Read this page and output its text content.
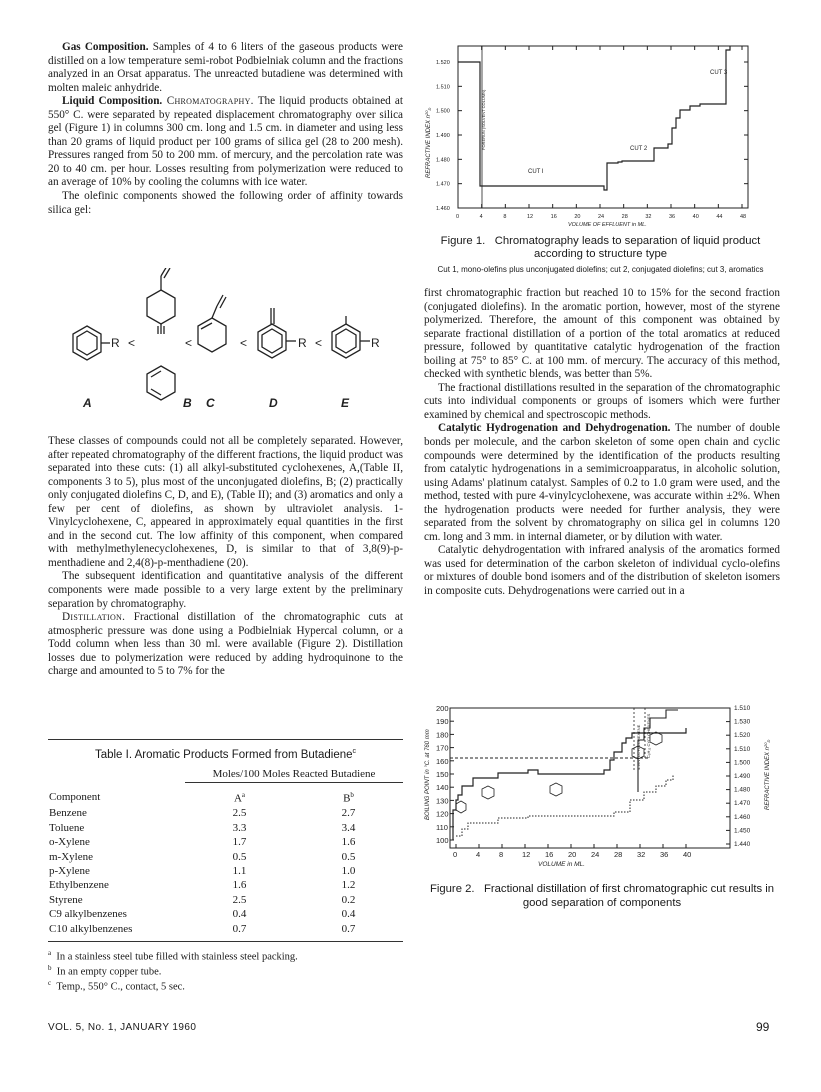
Gas Composition. Samples of 4 to 6 liters of the gaseous products were distilled on a low temperature semi-robot Podbielniak column and the fractions analyzed in an Orsat apparatus. The unreacted butadiene was determined with molten maleic anhydride.

Liquid Composition. Chromatography. The liquid products obtained at 550° C. were separated by repeated displacement chromatography over silica gel (Figure 1) in columns 300 cm. long and 1.5 cm. in diameter and using less than 20 grams of liquid product per 100 grams of silica gel (28 to 200 mesh). Pressures ranged from 50 to 200 mm. of mercury, and the percolation rate was 20 to 40 cm. per hour. Losses resulting from polymerization were reduced to an average of 10% by cooling the columns with ice water.

The olefinic components showed the following order of affinity towards silica gel:

R <	<	<	R <	R
A	B C	D	E

These classes of compounds could not all be completely separated. However, after repeated chromatography of the different fractions, the liquid product was separated into these cuts: (1) all alkyl-substituted cyclohexenes, A,(Table II, components 3 to 5), plus most of the unconjugated diolefins, B; (2) practically only conjugated diolefins C, D, and E), (Table II); and (3) aromatics and only a few per cent of diolefins, as shown by ultraviolet analysis. 1-Vinylcyclohexene, C, appeared in approximately equal quantities in the first and in the second cut. The low affinity of this component, when compared with methylmethylenecyclohexenes, D, is similar to that of 3,8(9)-p-menthadiene and 2,4(8)-p-menthadiene (20).

The subsequent identification and quantitative analysis of the different components were made possible to a very large extent by the preliminary separation by chromatography.

Distillation. Fractional distillation of the chromatographic cuts at atmospheric pressure was done using a Podbielniak Hypercal column, or a Todd column when less than 30 ml. were available (Figure 2). Distillation losses due to polymerization were reduced by adding hydroquinone to the charge and amounted to 5 to 7% for the

Table I. Aromatic Products Formed from Butadiene$^c$
	Moles/100 Moles Reacted Butadiene	
Component	$A^a$	$B^b$
Benzene	2.5	2.7
Toluene	3.3	3.4
o-Xylene	1.7	1.6
m-Xylene	0.5	0.5
p-Xylene	1.1	1.0
Ethylbenzene	1.6	1.2
Styrene	2.5	0.2
C9 alkylbenzenes	0.4	0.4
C10 alkylbenzenes	0.7	0.7
$^a$ In a stainless steel tube filled with stainless steel packing.
$^b$ In an empty copper tube.
$^c$ Temp., 550° C., contact, 5 sec.
1.520
1.510
1.500
1.490
1.480
1.470
1.460
0	4	8	12	16	20	24	28	32	36	40	44	48
FORERUN (SOLVENT COLUMN)
CUT I
CUT 2
CUT 3
REFRACTIVE INDEX $n^{20}_D$
VOLUME OF EFFLUENT in ML.
Figure 1. Chromatography leads to separation of liquid product according to structure type
Cut 1, mono-olefins plus unconjugated diolefins; cut 2, conjugated diolefins; cut 3, aromatics

first chromatographic fraction but reached 10 to 15% for the second fraction (conjugated diolefins). In the aromatic portion, however, most of the styrene polymerized. Therefore, the amount of this component was obtained by separate fractional distillation of a portion of the total aromatics at reduced pressure, followed by quantitative catalytic hydrogenation of the fraction boiling at 75° to 85° C. at 100 mm. of mercury. The accuracy of this method, checked with synthetic blends, was better than 5%.

The fractional distillations resulted in the separation of the chromatographic cuts into individual components or groups of isomers which were further examined by chemical and spectroscopic methods.

Catalytic Hydrogenation and Dehydrogenation. The number of double bonds per molecule, and the carbon skeleton of some open chain and cyclic compounds were determined by the identification of the products resulting from catalytic hydrogenations in a semimicroapparatus, in alcoholic solution, using Adams' platinum catalyst. Samples of 0.2 to 1.0 gram were used, and the method, tested with pure 4-vinylcyclohexene, was accurate within ±2%. When the hydrogenation products were needed for further analysis, they were separated from the solvent by chromatography on silica gel in columns 120 cm. long and 3 mm. in internal diameter, or by dilution with water.

Catalytic dehydrogentation with infrared analysis of the aromatics formed was used for determination of the carbon skeleton of individual cyclo-olefins or mixtures of double bond isomers and of the distribution of skeleton isomers in composite cuts. Dehydrogenations were carried out in a

200
190
180
170
160
150
140
130
120
110
100
1.510
1.530
1.520
1.510
1.500
1.490
1.480
1.470
1.460
1.450
1.440
0	4	8	12 16 20 24 28 32 36 40
4-VINYLCYCLOHEXENE C₈H₁₂ CYCLOHEXENES
BOILING POINT in °C. at 760 mm	REFRACTIVE INDEX $n^{20}_D$
VOLUME in ML.
Figure 2. Fractional distillation of first chromatographic cut results in good separation of components
VOL. 5, No. 1, JANUARY 1960	99
